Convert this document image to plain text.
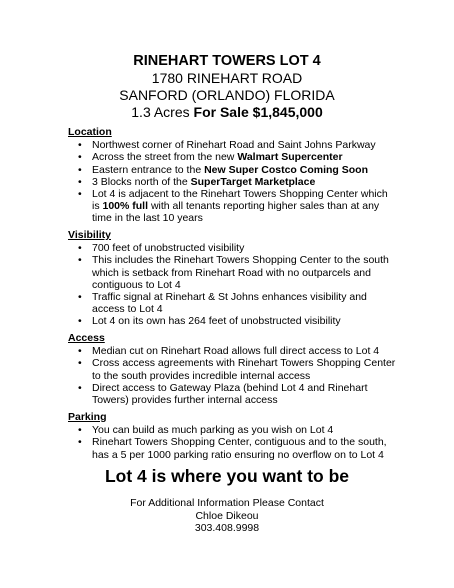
RINEHART TOWERS LOT 4
1780 RINEHART ROAD
SANFORD (ORLANDO) FLORIDA
1.3 Acres For Sale $1,845,000
Location
• Northwest corner of Rinehart Road and Saint Johns Parkway
• Across the street from the new Walmart Supercenter
• Eastern entrance to the New Super Costco Coming Soon
• 3 Blocks north of the SuperTarget Marketplace
• Lot 4 is adjacent to the Rinehart Towers Shopping Center which is 100% full with all tenants reporting higher sales than at any time in the last 10 years
Visibility
• 700 feet of unobstructed visibility
• This includes the Rinehart Towers Shopping Center to the south which is setback from Rinehart Road with no outparcels and contiguous to Lot 4
• Traffic signal at Rinehart & St Johns enhances visibility and access to Lot 4
• Lot 4 on its own has 264 feet of unobstructed visibility
Access
• Median cut on Rinehart Road allows full direct access to Lot 4
• Cross access agreements with Rinehart Towers Shopping Center to the south provides incredible internal access
• Direct access to Gateway Plaza (behind Lot 4 and Rinehart Towers) provides further internal access
Parking
• You can build as much parking as you wish on Lot 4
• Rinehart Towers Shopping Center, contiguous and to the south, has a 5 per 1000 parking ratio ensuring no overflow on to Lot 4
Lot 4 is where you want to be
For Additional Information Please Contact
Chloe Dikeou
303.408.9998
